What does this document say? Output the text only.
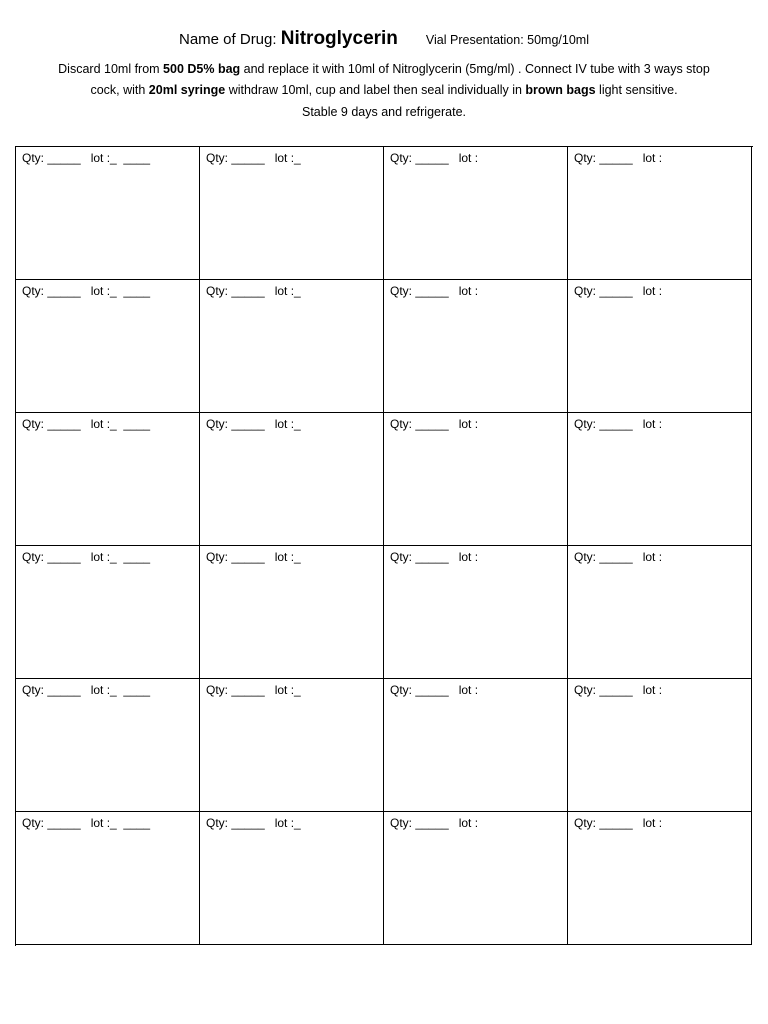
Name of Drug: Nitroglycerin Vial Presentation: 50mg/10ml
Discard 10ml from 500 D5% bag and replace it with 10ml of Nitroglycerin (5mg/ml) . Connect IV tube with 3 ways stop
cock, with 20ml syringe withdraw 10ml, cup and label then seal individually in brown bags light sensitive.
Stable 9 days and refrigerate.
Qty: _____   lot :_  ____	Qty: _____   lot :_	Qty: _____   lot :	Qty: _____   lot :
Qty: _____   lot :_  ____	Qty: _____   lot :_	Qty: _____   lot :	Qty: _____   lot :
Qty: _____   lot :_  ____	Qty: _____   lot :_	Qty: _____   lot :	Qty: _____   lot :
Qty: _____   lot :_  ____	Qty: _____   lot :_	Qty: _____   lot :	Qty: _____   lot :
Qty: _____   lot :_  ____	Qty: _____   lot :_	Qty: _____   lot :	Qty: _____   lot :
Qty: _____   lot :_  ____	Qty: _____   lot :_	Qty: _____   lot :	Qty: _____   lot :
